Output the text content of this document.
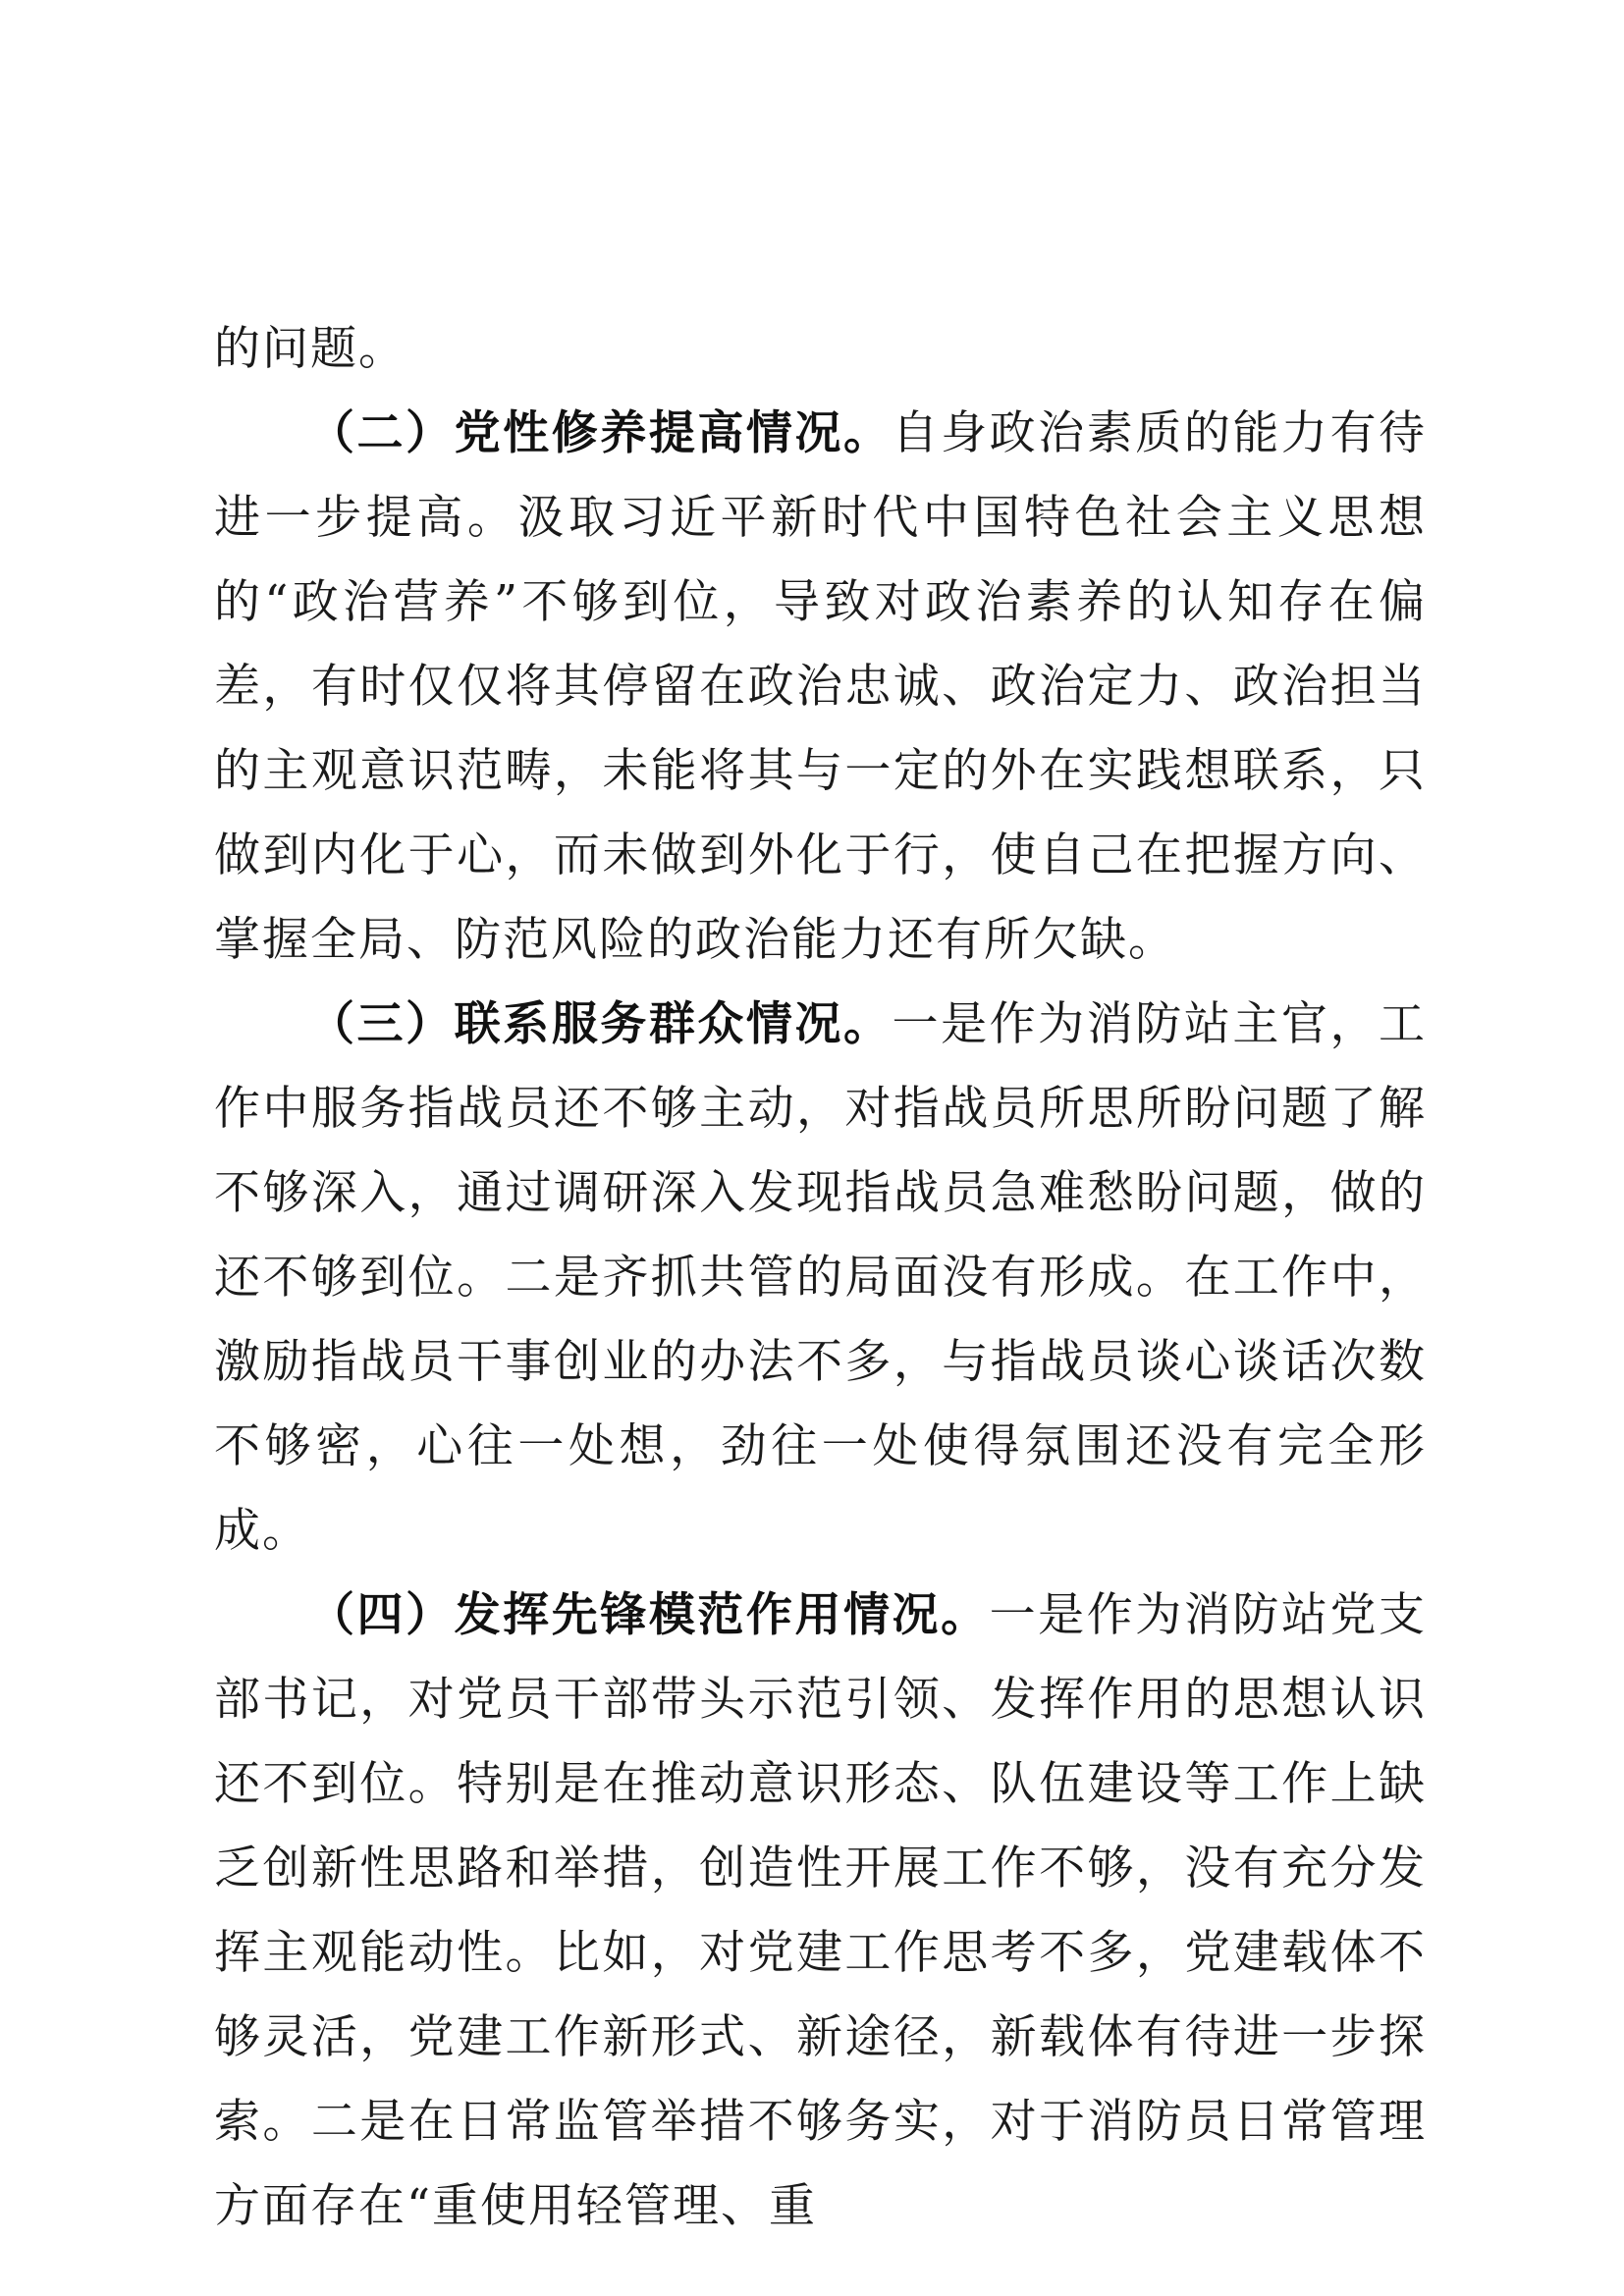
的问题。

（二）党性修养提高情况。自身政治素质的能力有待进一步提高。汲取习近平新时代中国特色社会主义思想的“政治营养”不够到位，导致对政治素养的认知存在偏差，有时仅仅将其停留在政治忠诚、政治定力、政治担当的主观意识范畴，未能将其与一定的外在实践想联系，只做到内化于心，而未做到外化于行，使自己在把握方向、掌握全局、防范风险的政治能力还有所欠缺。

（三）联系服务群众情况。一是作为消防站主官，工作中服务指战员还不够主动，对指战员所思所盼问题了解不够深入，通过调研深入发现指战员急难愁盼问题，做的还不够到位。二是齐抓共管的局面没有形成。在工作中，激励指战员干事创业的办法不多，与指战员谈心谈话次数不够密，心往一处想，劲往一处使得氛围还没有完全形成。

（四）发挥先锋模范作用情况。一是作为消防站党支部书记，对党员干部带头示范引领、发挥作用的思想认识还不到位。特别是在推动意识形态、队伍建设等工作上缺乏创新性思路和举措，创造性开展工作不够，没有充分发挥主观能动性。比如，对党建工作思考不多，党建载体不够灵活，党建工作新形式、新途径，新载体有待进一步探索。二是在日常监管举措不够务实，对于消防员日常管理方面存在“重使用轻管理、重
